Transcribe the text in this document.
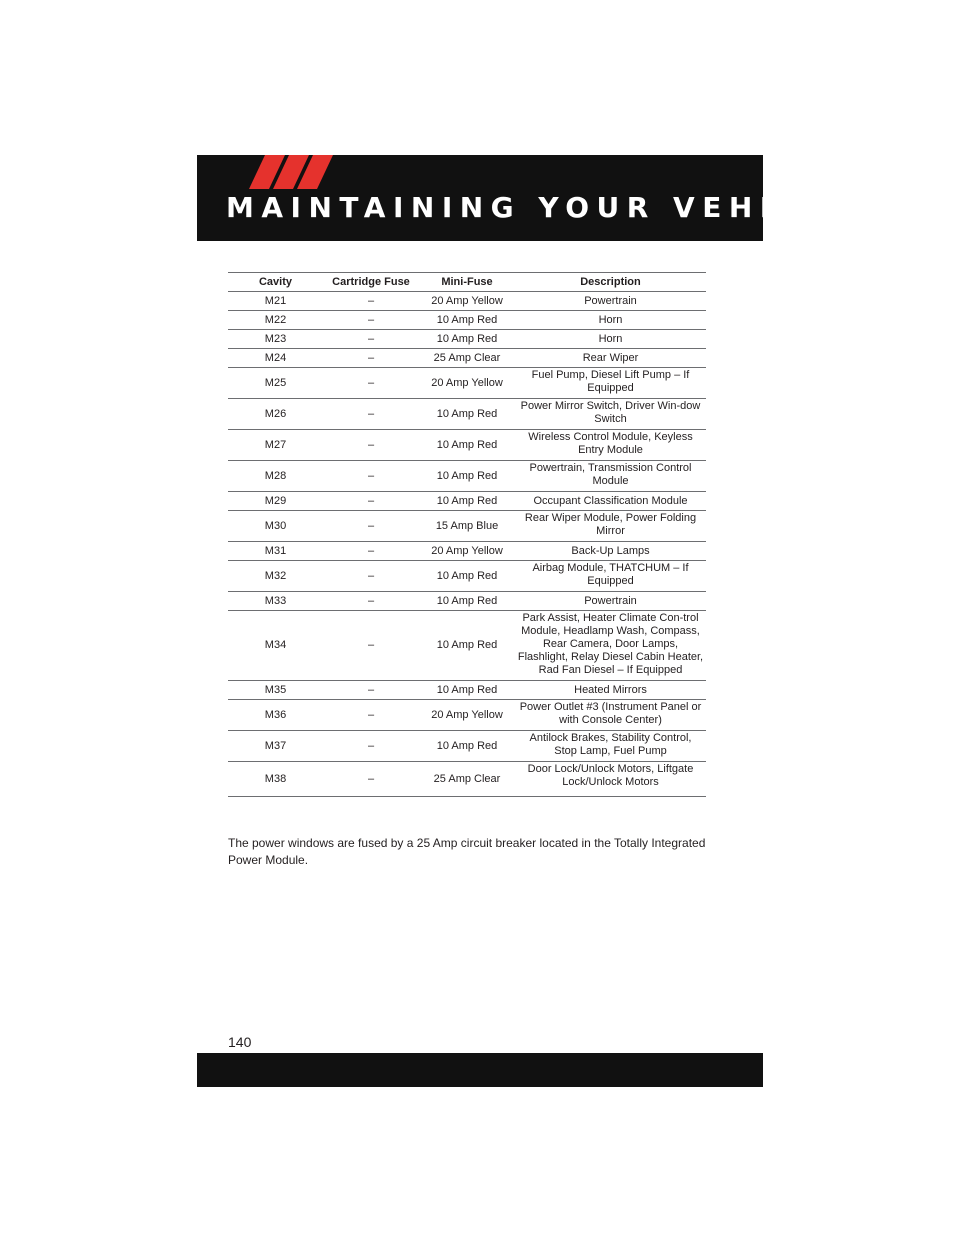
MAINTAINING YOUR VEHICLE
Cavity	Cartridge Fuse	Mini-Fuse	Description
M21	–	20 Amp Yellow	Powertrain
M22	–	10 Amp Red	Horn
M23	–	10 Amp Red	Horn
M24	–	25 Amp Clear	Rear Wiper
M25	–	20 Amp Yellow	Fuel Pump, Diesel Lift Pump – If Equipped
M26	–	10 Amp Red	Power Mirror Switch, Driver Win-dow Switch
M27	–	10 Amp Red	Wireless Control Module, Keyless Entry Module
M28	–	10 Amp Red	Powertrain, Transmission Control Module
M29	–	10 Amp Red	Occupant Classification Module
M30	–	15 Amp Blue	Rear Wiper Module, Power Folding Mirror
M31	–	20 Amp Yellow	Back-Up Lamps
M32	–	10 Amp Red	Airbag Module, THATCHUM – If Equipped
M33	–	10 Amp Red	Powertrain
M34	–	10 Amp Red	Park Assist, Heater Climate Con-trol Module, Headlamp Wash, Compass, Rear Camera, Door Lamps, Flashlight, Relay Diesel Cabin Heater, Rad Fan Diesel – If Equipped
M35	–	10 Amp Red	Heated Mirrors
M36	–	20 Amp Yellow	Power Outlet #3 (Instrument Panel or with Console Center)
M37	–	10 Amp Red	Antilock Brakes, Stability Control, Stop Lamp, Fuel Pump
M38	–	25 Amp Clear	Door Lock/Unlock Motors, Liftgate Lock/Unlock Motors
The power windows are fused by a 25 Amp circuit breaker located in the Totally Integrated Power Module.
140
